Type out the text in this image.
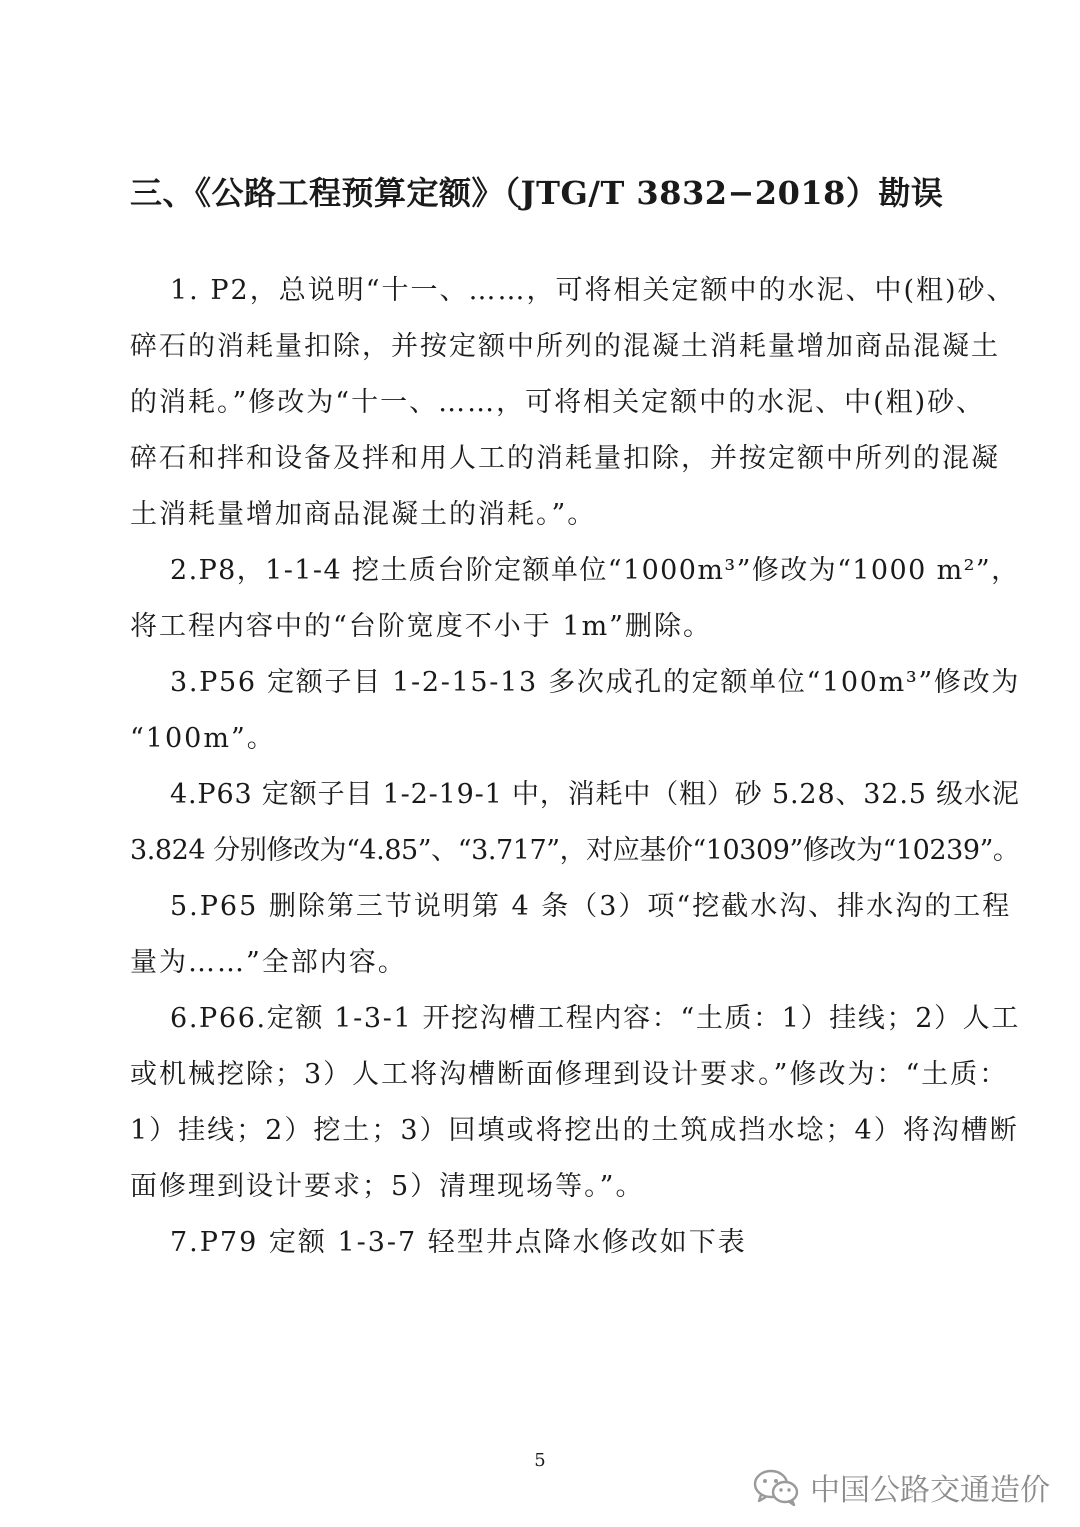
三、《公路工程预算定额》（JTG/T 3832−2018）勘误
1. P2，总说明“十一、……，可将相关定额中的水泥、中(粗)砂、
碎石的消耗量扣除，并按定额中所列的混凝土消耗量增加商品混凝土
的消耗。”修改为“十一、……，可将相关定额中的水泥、中(粗)砂、
碎石和拌和设备及拌和用人工的消耗量扣除，并按定额中所列的混凝
土消耗量增加商品混凝土的消耗。”。
2.P8，1-1-4 挖土质台阶定额单位“1000m³”修改为“1000 m²”，
将工程内容中的“台阶宽度不小于 1m”删除。
3.P56 定额子目 1-2-15-13 多次成孔的定额单位“100m³”修改为
“100m”。
4.P63 定额子目 1-2-19-1 中，消耗中（粗）砂 5.28、32.5 级水泥
3.824 分别修改为“4.85”、“3.717”，对应基价“10309”修改为“10239”。
5.P65 删除第三节说明第 4 条（3）项“挖截水沟、排水沟的工程
量为……”全部内容。
6.P66.定额 1-3-1 开挖沟槽工程内容：“土质：1）挂线；2）人工
或机械挖除；3）人工将沟槽断面修理到设计要求。”修改为：“土质：
1）挂线；2）挖土；3）回填或将挖出的土筑成挡水埝；4）将沟槽断
面修理到设计要求；5）清理现场等。”。
7.P79 定额 1-3-7 轻型井点降水修改如下表
5
中国公路交通造价
